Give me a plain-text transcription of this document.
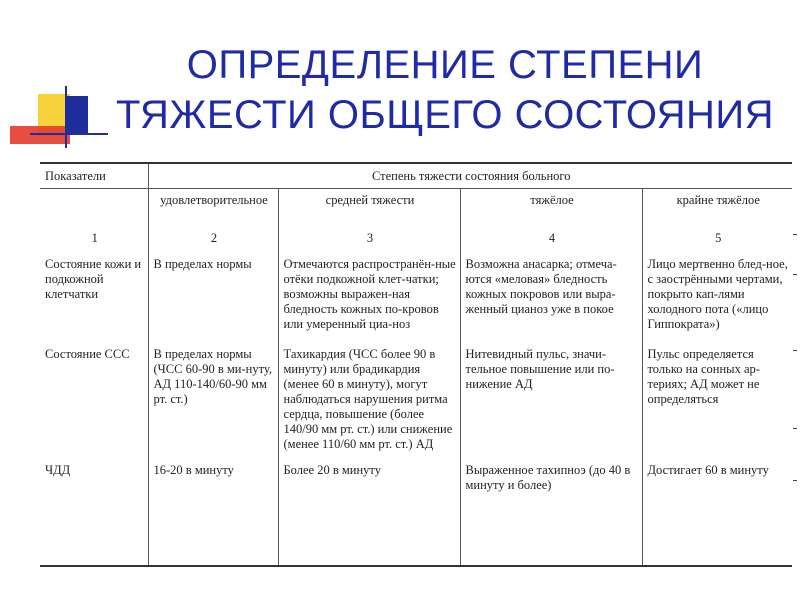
ОПРЕДЕЛЕНИЕ СТЕПЕНИ
ТЯЖЕСТИ ОБЩЕГО СОСТОЯНИЯ
Показатели	Степень тяжести состояния больного			
	удовлетворительное	средней тяжести	тяжёлое	крайне тяжёлое
1	2	3	4	5
Состояние кожи и подкожной клетчатки	В пределах нормы	Отмечаются распространён-ные отёки подкожной клет-чатки; возможны выражен-ная бледность кожных по-кровов или умеренный циа-ноз	Возможна анасарка; отмеча-ются «меловая» бледность кожных покровов или выра-женный цианоз уже в покое	Лицо мертвенно блед-ное, с заострёнными чертами, покрыто кап-лями холодного пота («лицо Гиппократа»)
Состояние ССС	В пределах нормы (ЧСС 60-90 в ми-нуту, АД 110-140/60-90 мм рт. ст.)	Тахикардия (ЧСС более 90 в минуту) или брадикардия (менее 60 в минуту), могут наблюдаться нарушения ритма сердца, повышение (более 140/90 мм рт. ст.) или снижение (менее 110/60 мм рт. ст.) АД	Нитевидный пульс, значи-тельное повышение или по-нижение АД	Пульс определяется только на сонных ар-териях; АД может не определяться
ЧДД	16-20 в минуту	Более 20 в минуту	Выраженное тахипноэ (до 40 в минуту и более)	Достигает 60 в минуту
